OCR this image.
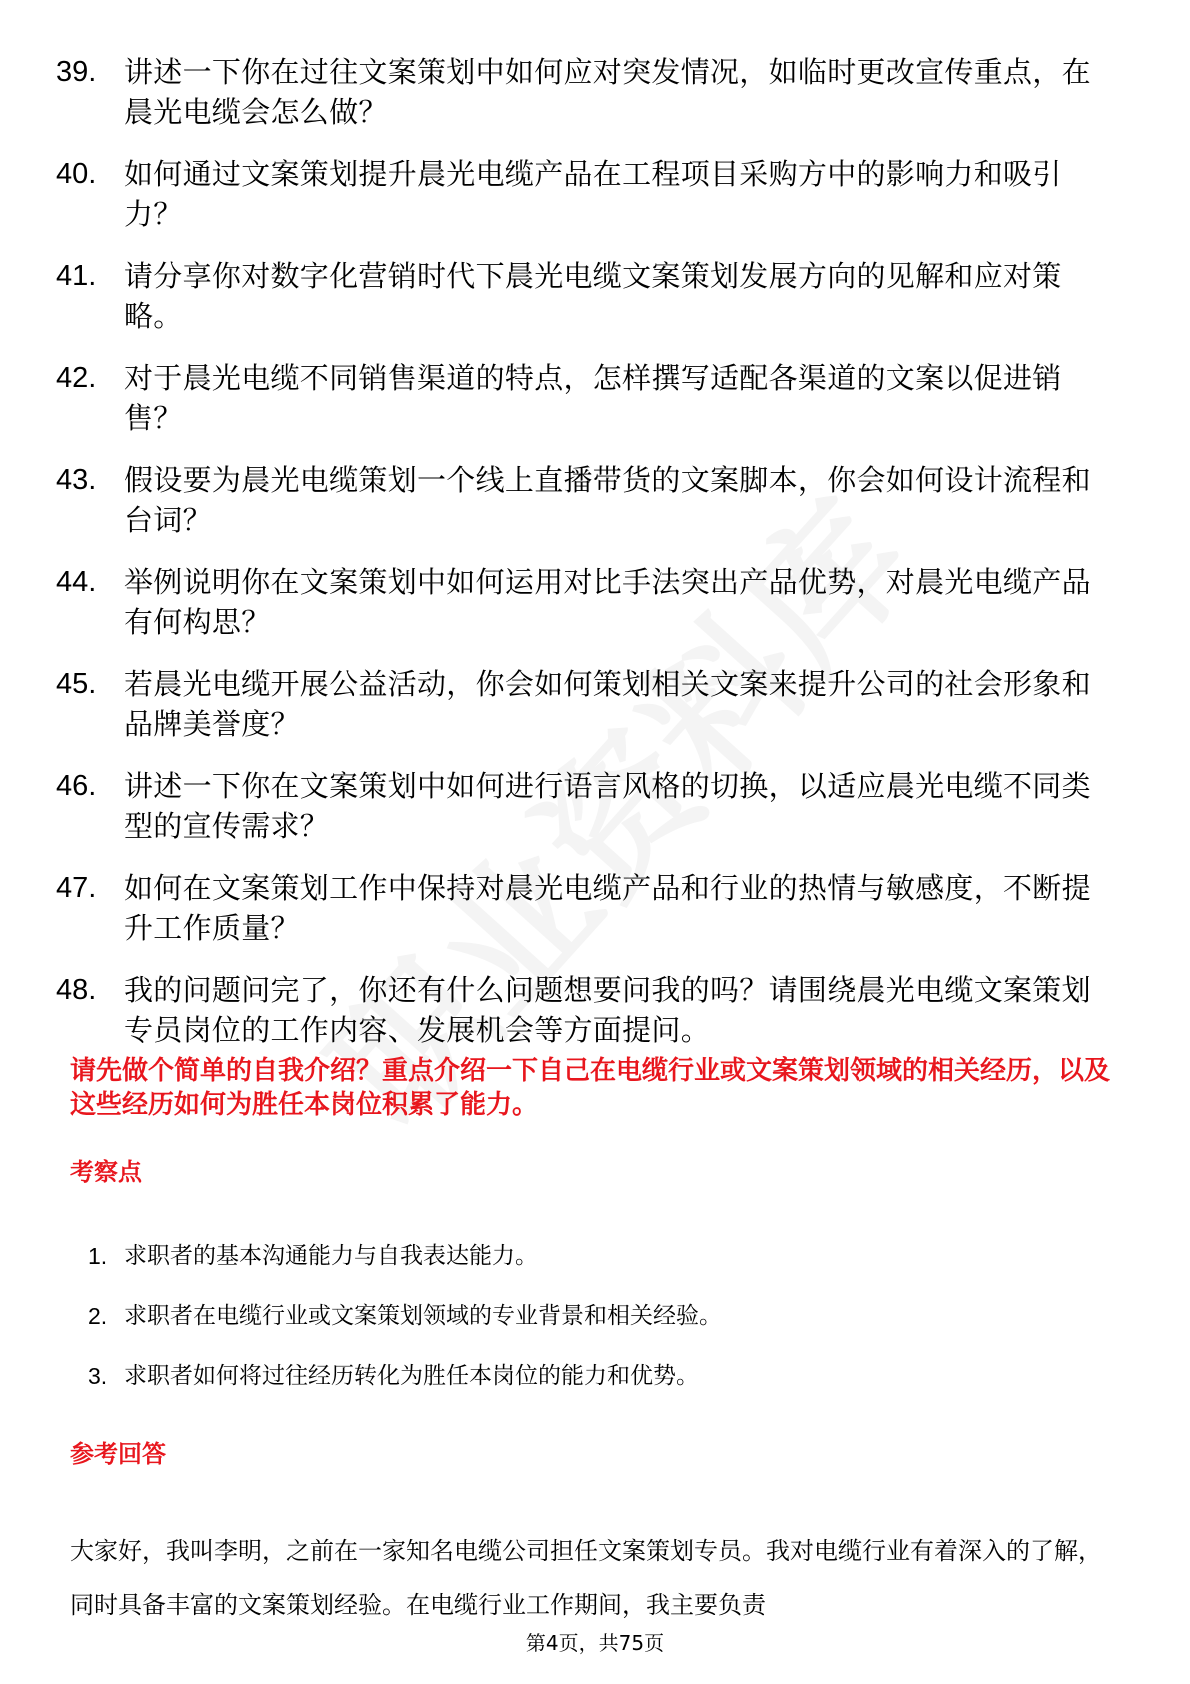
39. 讲述一下你在过往文案策划中如何应对突发情况，如临时更改宣传重点，在晨光电缆会怎么做？
40. 如何通过文案策划提升晨光电缆产品在工程项目采购方中的影响力和吸引力？
41. 请分享你对数字化营销时代下晨光电缆文案策划发展方向的见解和应对策略。
42. 对于晨光电缆不同销售渠道的特点，怎样撰写适配各渠道的文案以促进销售？
43. 假设要为晨光电缆策划一个线上直播带货的文案脚本，你会如何设计流程和台词？
44. 举例说明你在文案策划中如何运用对比手法突出产品优势，对晨光电缆产品有何构思？
45. 若晨光电缆开展公益活动，你会如何策划相关文案来提升公司的社会形象和品牌美誉度？
46. 讲述一下你在文案策划中如何进行语言风格的切换，以适应晨光电缆不同类型的宣传需求？
47. 如何在文案策划工作中保持对晨光电缆产品和行业的热情与敏感度，不断提升工作质量？
48. 我的问题问完了，你还有什么问题想要问我的吗？请围绕晨光电缆文案策划专员岗位的工作内容、发展机会等方面提问。
请先做个简单的自我介绍？重点介绍一下自己在电缆行业或文案策划领域的相关经历，以及这些经历如何为胜任本岗位积累了能力。
考察点
1. 求职者的基本沟通能力与自我表达能力。
2. 求职者在电缆行业或文案策划领域的专业背景和相关经验。
3. 求职者如何将过往经历转化为胜任本岗位的能力和优势。
参考回答
大家好，我叫李明，之前在一家知名电缆公司担任文案策划专员。我对电缆行业有着深入的了解，同时具备丰富的文案策划经验。在电缆行业工作期间，我主要负责
第4页，共75页
